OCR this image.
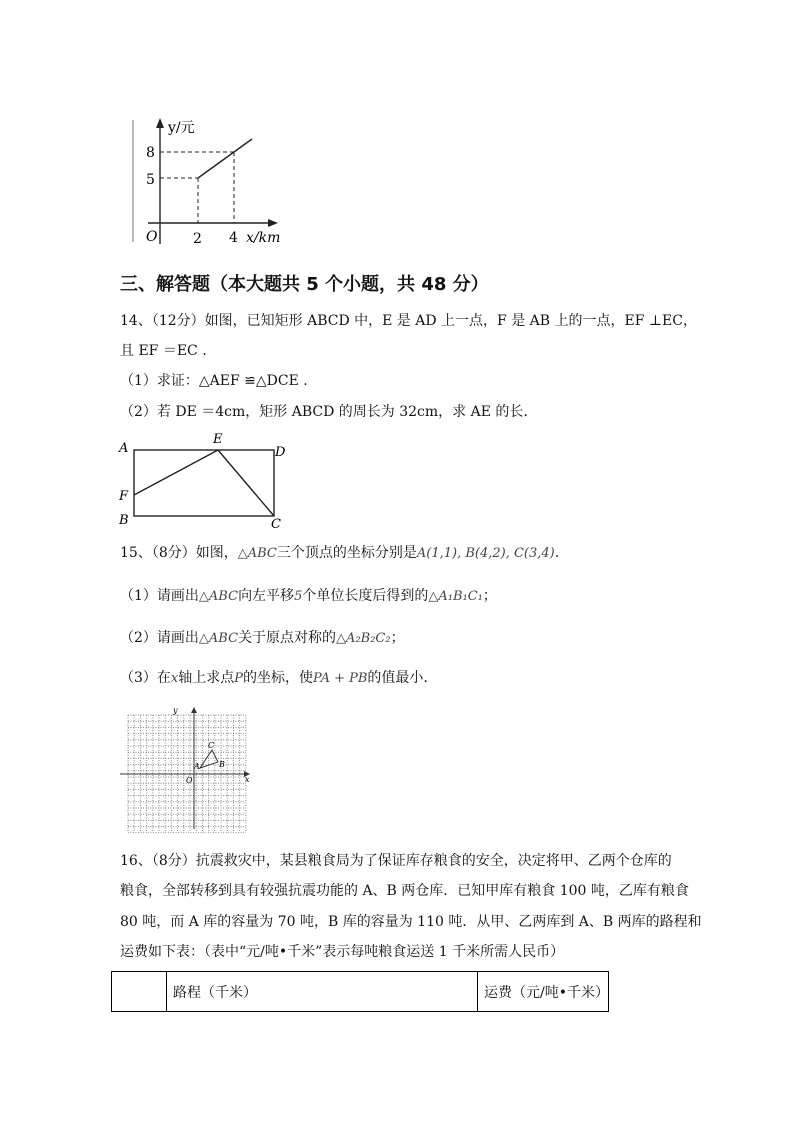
y/元
8
5
O	2 4 x/km
三、解答题（本大题共 5 个小题，共 48 分）
14、（12分）如图，已知矩形 ABCD 中，E 是 AD 上一点，F 是 AB 上的一点，EF ⊥EC，
且 EF ＝EC .
（1）求证：△AEF ≌△DCE .
（2）若 DE ＝4cm，矩形 ABCD 的周长为 32cm，求 AE 的长.
A
E
D
F
B	C
15、（8分）如图，△ABC三个顶点的坐标分别是A(1,1), B(4,2), C(3,4).
（1）请画出△ABC向左平移5个单位长度后得到的△A₁B₁C₁；
（2）请画出△ABC关于原点对称的△A₂B₂C₂；
（3）在x轴上求点P的坐标，使PA + PB的值最小.
y
x
O
A B
C
16、（8分）抗震救灾中，某县粮食局为了保证库存粮食的安全，决定将甲、乙两个仓库的
粮食，全部转移到具有较强抗震功能的 A、B 两仓库．已知甲库有粮食 100 吨，乙库有粮食
80 吨，而 A 库的容量为 70 吨，B 库的容量为 110 吨．从甲、乙两库到 A、B 两库的路程和
运费如下表：（表中“元/吨•千米”表示每吨粮食运送 1 千米所需人民币）
	路程（千米）	运费（元/吨•千米）
